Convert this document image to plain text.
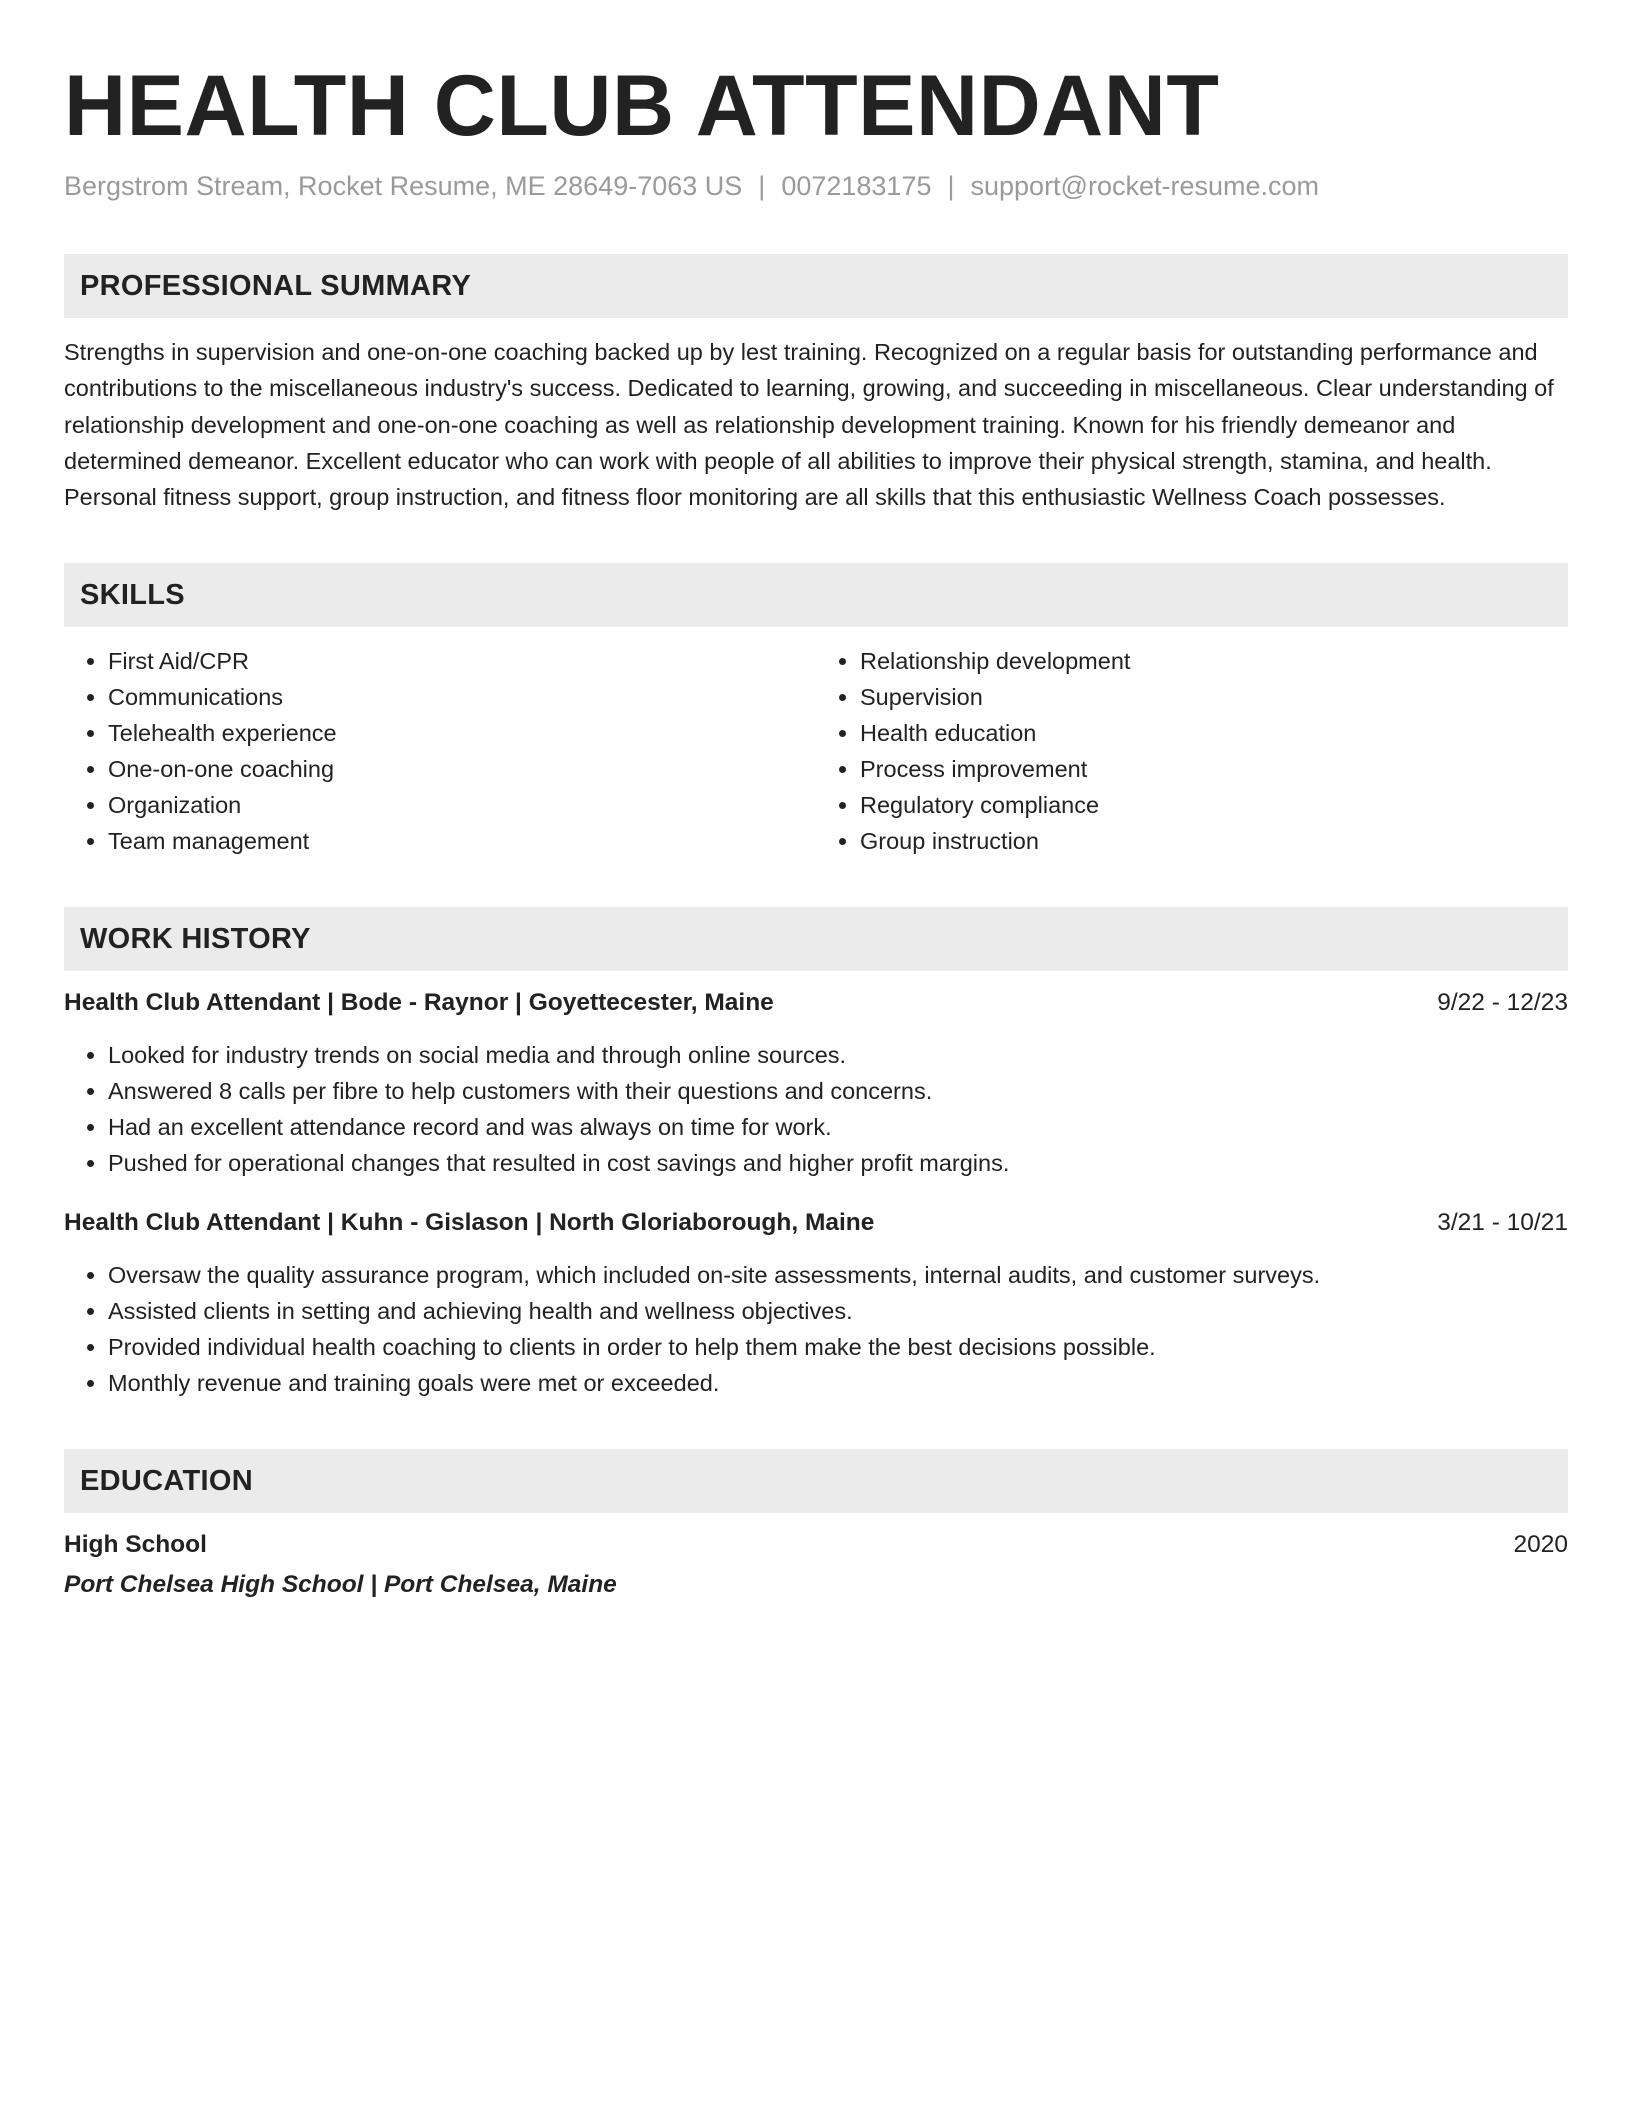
HEALTH CLUB ATTENDANT
Bergstrom Stream, Rocket Resume, ME 28649-7063 US | 0072183175 | support@rocket-resume.com
PROFESSIONAL SUMMARY

Strengths in supervision and one-on-one coaching backed up by lest training. Recognized on a regular basis for outstanding performance and contributions to the miscellaneous industry's success. Dedicated to learning, growing, and succeeding in miscellaneous. Clear understanding of relationship development and one-on-one coaching as well as relationship development training. Known for his friendly demeanor and determined demeanor. Excellent educator who can work with people of all abilities to improve their physical strength, stamina, and health. Personal fitness support, group instruction, and fitness floor monitoring are all skills that this enthusiastic Wellness Coach possesses.

SKILLS
• First Aid/CPR
• Communications
• Telehealth experience
• One-on-one coaching
• Organization
• Team management
• Relationship development
• Supervision
• Health education
• Process improvement
• Regulatory compliance
• Group instruction
WORK HISTORY
Health Club Attendant | Bode - Raynor | Goyettecester, Maine	9/22 - 12/23
• Looked for industry trends on social media and through online sources.
• Answered 8 calls per fibre to help customers with their questions and concerns.
• Had an excellent attendance record and was always on time for work.
• Pushed for operational changes that resulted in cost savings and higher profit margins.
Health Club Attendant | Kuhn - Gislason | North Gloriaborough, Maine	3/21 - 10/21
• Oversaw the quality assurance program, which included on-site assessments, internal audits, and customer surveys.
• Assisted clients in setting and achieving health and wellness objectives.
• Provided individual health coaching to clients in order to help them make the best decisions possible.
• Monthly revenue and training goals were met or exceeded.
EDUCATION
High School	2020
Port Chelsea High School | Port Chelsea, Maine
